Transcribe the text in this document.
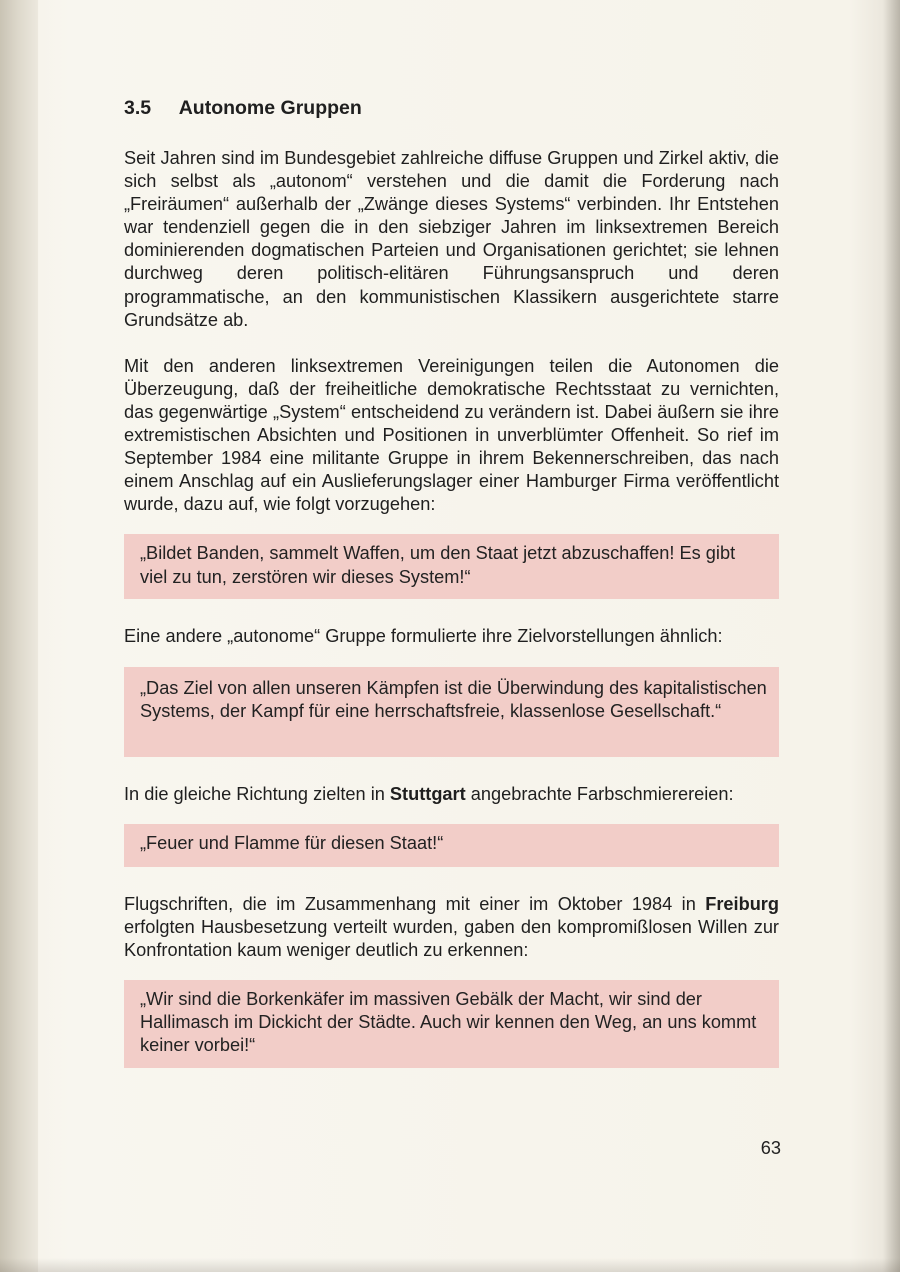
3.5 Autonome Gruppen

Seit Jahren sind im Bundesgebiet zahlreiche diffuse Gruppen und Zirkel aktiv, die sich selbst als „autonom“ verstehen und die damit die Forderung nach „Freiräumen“ außerhalb der „Zwänge dieses Systems“ verbinden. Ihr Entstehen war tendenziell gegen die in den siebziger Jahren im linksextremen Bereich dominierenden dogmatischen Parteien und Organisationen gerichtet; sie lehnen durchweg deren politisch-elitären Führungsanspruch und deren programmatische, an den kommunistischen Klassikern ausgerichtete starre Grundsätze ab.

Mit den anderen linksextremen Vereinigungen teilen die Autonomen die Überzeugung, daß der freiheitliche demokratische Rechtsstaat zu vernichten, das gegenwärtige „System“ entscheidend zu verändern ist. Dabei äußern sie ihre extremistischen Absichten und Positionen in unverblümter Offenheit. So rief im September 1984 eine militante Gruppe in ihrem Bekennerschreiben, das nach einem Anschlag auf ein Auslieferungslager einer Hamburger Firma veröffentlicht wurde, dazu auf, wie folgt vorzugehen:

„Bildet Banden, sammelt Waffen, um den Staat jetzt abzuschaffen! Es gibt viel zu tun, zerstören wir dieses System!“

Eine andere „autonome“ Gruppe formulierte ihre Zielvorstellungen ähnlich:

„Das Ziel von allen unseren Kämpfen ist die Überwindung des kapitalistischen Systems, der Kampf für eine herrschaftsfreie, klassenlose Gesellschaft.“

In die gleiche Richtung zielten in Stuttgart angebrachte Farbschmierereien:

„Feuer und Flamme für diesen Staat!“

Flugschriften, die im Zusammenhang mit einer im Oktober 1984 in Freiburg erfolgten Hausbesetzung verteilt wurden, gaben den kompromißlosen Willen zur Konfrontation kaum weniger deutlich zu erkennen:

„Wir sind die Borkenkäfer im massiven Gebälk der Macht, wir sind der Hallimasch im Dickicht der Städte. Auch wir kennen den Weg, an uns kommt keiner vorbei!“
63
